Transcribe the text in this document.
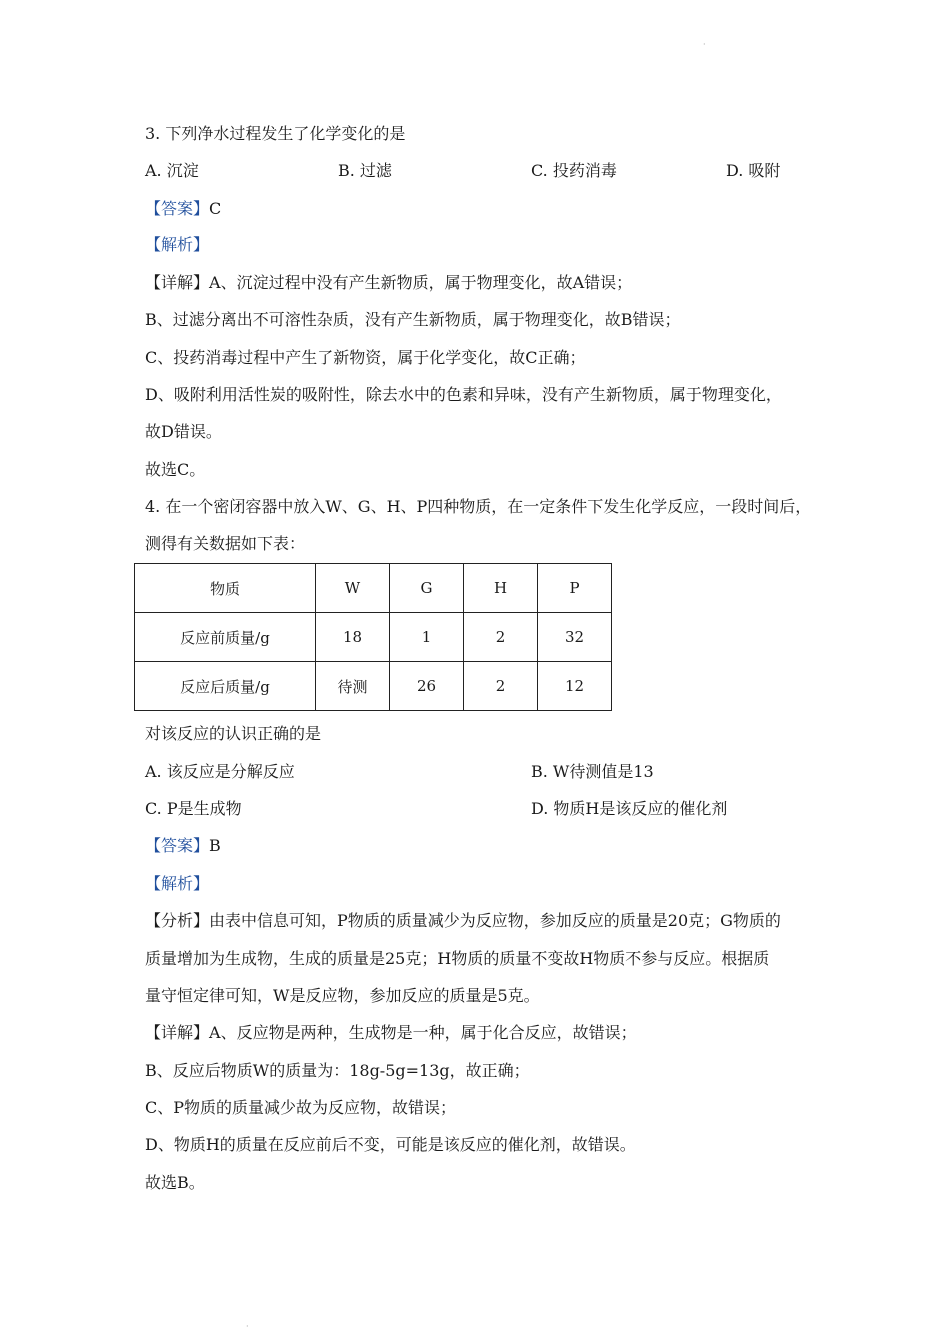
·
3. 下列净水过程发生了化学变化的是
A. 沉淀	B. 过滤	C. 投药消毒	D. 吸附
【答案】C
【解析】
【详解】A、沉淀过程中没有产生新物质，属于物理变化，故A错误；
B、过滤分离出不可溶性杂质，没有产生新物质，属于物理变化，故B错误；
C、投药消毒过程中产生了新物资，属于化学变化，故C正确；
D、吸附利用活性炭的吸附性，除去水中的色素和异味，没有产生新物质，属于物理变化，
故D错误。
故选C。
4. 在一个密闭容器中放入W、G、H、P四种物质，在一定条件下发生化学反应，一段时间后，
测得有关数据如下表：
物质	W	G	H	P
反应前质量/g	18	1	2	32
反应后质量/g	待测	26	2	12
对该反应的认识正确的是
A. 该反应是分解反应	B. W待测值是13
C. P是生成物	D. 物质H是该反应的催化剂
【答案】B
【解析】
【分析】由表中信息可知，P物质的质量减少为反应物，参加反应的质量是20克；G物质的
质量增加为生成物，生成的质量是25克；H物质的质量不变故H物质不参与反应。根据质
量守恒定律可知，W是反应物，参加反应的质量是5克。
【详解】A、反应物是两种，生成物是一种，属于化合反应，故错误；
B、反应后物质W的质量为：18g-5g=13g，故正确；
C、P物质的质量减少故为反应物，故错误；
D、物质H的质量在反应前后不变，可能是该反应的催化剂，故错误。
故选B。
·
